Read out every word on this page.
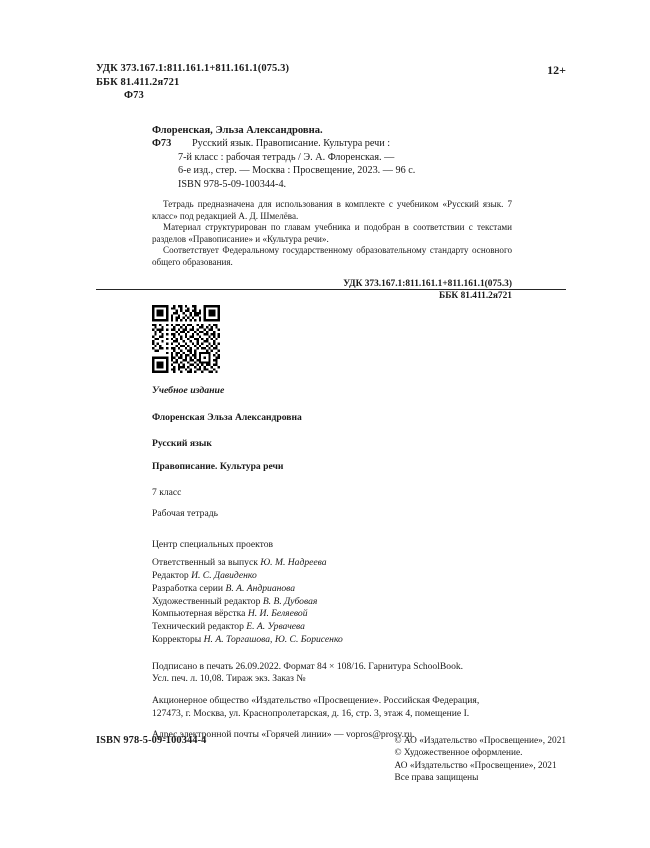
УДК 373.167.1:811.161.1+811.161.1(075.3)
ББК 81.411.2я721
Ф73
12+
Флоренская, Эльза Александровна.
Ф73	Русский язык. Правописание. Культура речи :
7-й класс : рабочая тетрадь / Э. А. Флоренская. —
6-е изд., стер. — Москва : Просвещение, 2023. — 96 с.
ISBN 978-5-09-100344-4.

Тетрадь предназначена для использования в комплекте с учебником «Русский язык. 7 класс» под редакцией А. Д. Шмелёва.

Материал структурирован по главам учебника и подобран в соответствии с текстами разделов «Правописание» и «Культура речи».

Соответствует Федеральному государственному образовательному стандарту основного общего образования.

УДК 373.167.1:811.161.1+811.161.1(075.3)
ББК 81.411.2я721
Учебное издание
Флоренская Эльза Александровна
Русский язык
Правописание. Культура речи
7 класс
Рабочая тетрадь
Центр специальных проектов
Ответственный за выпуск Ю. М. Надреева
Редактор И. С. Давиденко
Разработка серии В. А. Андрианова
Художественный редактор В. В. Дубовая
Компьютерная вёрстка Н. И. Беляевой
Технический редактор Е. А. Урвачева
Корректоры Н. А. Торгашова, Ю. С. Борисенко
Подписано в печать 26.09.2022. Формат 84 × 108/16. Гарнитура SchoolBook.
Усл. печ. л. 10,08. Тираж экз. Заказ №
Акционерное общество «Издательство «Просвещение». Российская Федерация,
127473, г. Москва, ул. Краснопролетарская, д. 16, стр. 3, этаж 4, помещение I.
Адрес электронной почты «Горячей линии» — vopros@prosv.ru.
ISBN 978-5-09-100344-4	© АО «Издательство «Просвещение», 2021
© Художественное оформление.
АО «Издательство «Просвещение», 2021
Все права защищены
